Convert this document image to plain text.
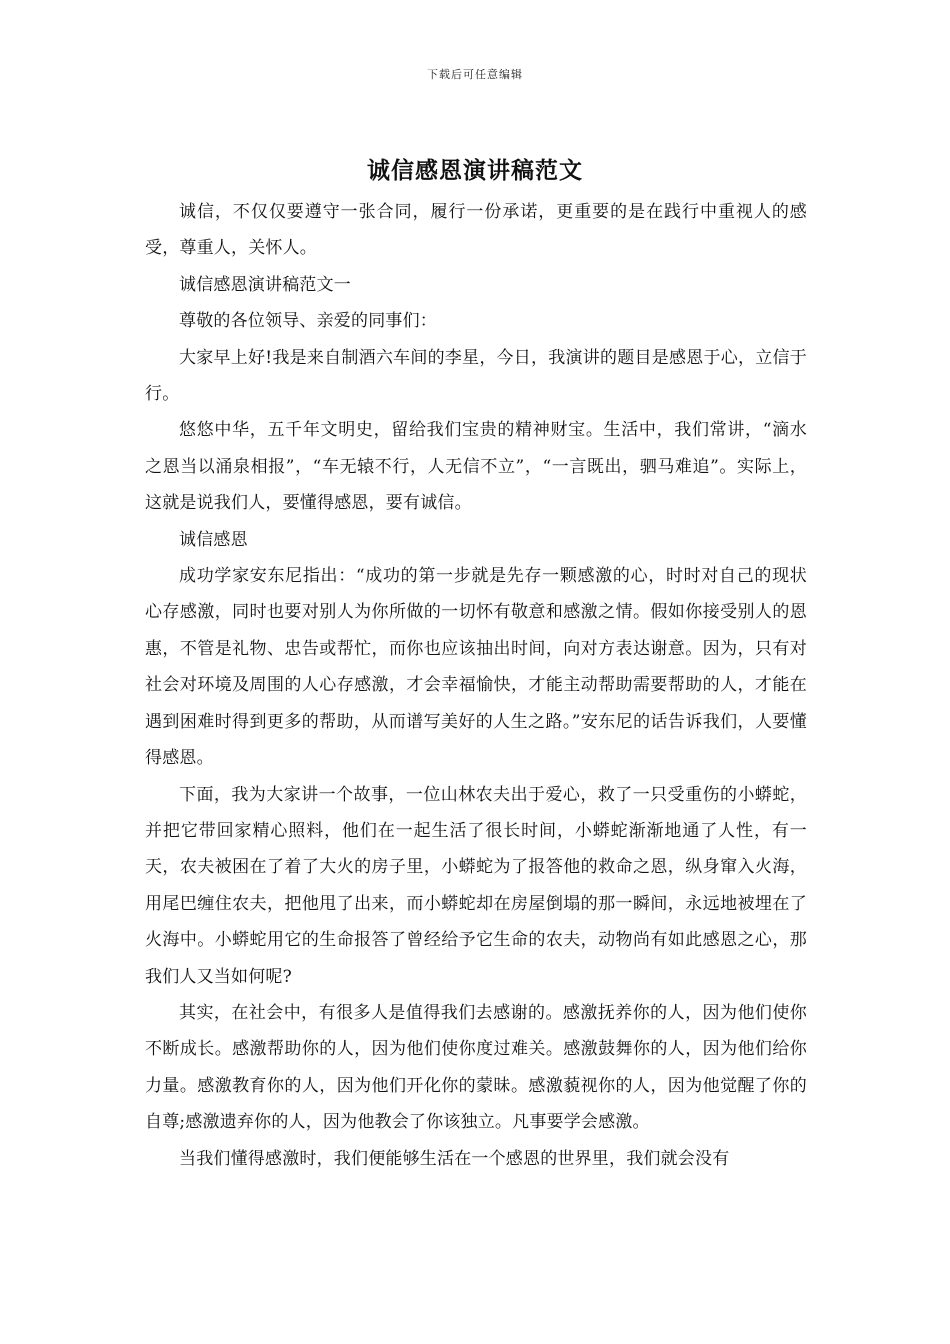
下载后可任意编辑
诚信感恩演讲稿范文

诚信，不仅仅要遵守一张合同，履行一份承诺，更重要的是在践行中重视人的感受，尊重人，关怀人。

诚信感恩演讲稿范文一

尊敬的各位领导、亲爱的同事们：

大家早上好!我是来自制酒六车间的李星，今日，我演讲的题目是感恩于心，立信于行。

悠悠中华，五千年文明史，留给我们宝贵的精神财宝。生活中，我们常讲，“滴水之恩当以涌泉相报”，“车无辕不行，人无信不立”，“一言既出，驷马难追”。实际上，这就是说我们人，要懂得感恩，要有诚信。

诚信感恩

成功学家安东尼指出：“成功的第一步就是先存一颗感激的心，时时对自己的现状心存感激，同时也要对别人为你所做的一切怀有敬意和感激之情。假如你接受别人的恩惠，不管是礼物、忠告或帮忙，而你也应该抽出时间，向对方表达谢意。因为，只有对社会对环境及周围的人心存感激，才会幸福愉快，才能主动帮助需要帮助的人，才能在遇到困难时得到更多的帮助，从而谱写美好的人生之路。”安东尼的话告诉我们，人要懂得感恩。

下面，我为大家讲一个故事，一位山林农夫出于爱心，救了一只受重伤的小蟒蛇，并把它带回家精心照料，他们在一起生活了很长时间，小蟒蛇渐渐地通了人性，有一天，农夫被困在了着了大火的房子里，小蟒蛇为了报答他的救命之恩，纵身窜入火海，用尾巴缠住农夫，把他甩了出来，而小蟒蛇却在房屋倒塌的那一瞬间，永远地被埋在了火海中。小蟒蛇用它的生命报答了曾经给予它生命的农夫，动物尚有如此感恩之心，那我们人又当如何呢?

其实，在社会中，有很多人是值得我们去感谢的。感激抚养你的人，因为他们使你不断成长。感激帮助你的人，因为他们使你度过难关。感激鼓舞你的人，因为他们给你力量。感激教育你的人，因为他们开化你的蒙昧。感激藐视你的人，因为他觉醒了你的自尊;感激遗弃你的人，因为他教会了你该独立。凡事要学会感激。

当我们懂得感激时，我们便能够生活在一个感恩的世界里，我们就会没有
